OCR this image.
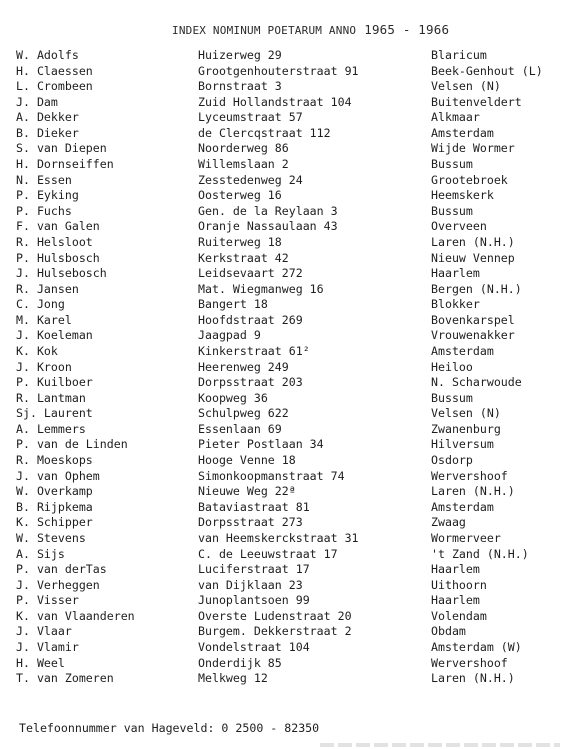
INDEX NOMINUM POETARUM ANNO 1965 - 1966
W. Adolfs	Huizerweg 29	Blaricum
H. Claessen	Grootgenhouterstraat 91	Beek-Genhout (L)
L. Crombeen	Bornstraat 3	Velsen (N)
J. Dam	Zuid Hollandstraat 104	Buitenveldert
A. Dekker	Lyceumstraat 57	Alkmaar
B. Dieker	de Clercqstraat 112	Amsterdam
S. van Diepen	Noorderweg 86	Wijde Wormer
H. Dornseiffen	Willemslaan 2	Bussum
N. Essen	Zesstedenweg 24	Grootebroek
P. Eyking	Oosterweg 16	Heemskerk
P. Fuchs	Gen. de la Reylaan 3	Bussum
F. van Galen	Oranje Nassaulaan 43	Overveen
R. Helsloot	Ruiterweg 18	Laren (N.H.)
P. Hulsbosch	Kerkstraat 42	Nieuw Vennep
J. Hulsebosch	Leidsevaart 272	Haarlem
R. Jansen	Mat. Wiegmanweg 16	Bergen (N.H.)
C. Jong	Bangert 18	Blokker
M. Karel	Hoofdstraat 269	Bovenkarspel
J. Koeleman	Jaagpad 9	Vrouwenakker
K. Kok	Kinkerstraat 61²	Amsterdam
J. Kroon	Heerenweg 249	Heiloo
P. Kuilboer	Dorpsstraat 203	N. Scharwoude
R. Lantman	Koopweg 36	Bussum
Sj. Laurent	Schulpweg 622	Velsen (N)
A. Lemmers	Essenlaan 69	Zwanenburg
P. van de Linden	Pieter Postlaan 34	Hilversum
R. Moeskops	Hooge Venne 18	Osdorp
J. van Ophem	Simonkoopmanstraat 74	Wervershoof
W. Overkamp	Nieuwe Weg 22ª	Laren (N.H.)
B. Rijpkema	Bataviastraat 81	Amsterdam
K. Schipper	Dorpsstraat 273	Zwaag
W. Stevens	van Heemskerckstraat 31	Wormerveer
A. Sijs	C. de Leeuwstraat 17	't Zand (N.H.)
P. van derTas	Luciferstraat 17	Haarlem
J. Verheggen	van Dijklaan 23	Uithoorn
P. Visser	Junoplantsoen 99	Haarlem
K. van Vlaanderen	Overste Ludenstraat 20	Volendam
J. Vlaar	Burgem. Dekkerstraat 2	Obdam
J. Vlamir	Vondelstraat 104	Amsterdam (W)
H. Weel	Onderdijk 85	Wervershoof
T. van Zomeren	Melkweg 12	Laren (N.H.)
Telefoonnummer van Hageveld: 0 2500 - 82350
